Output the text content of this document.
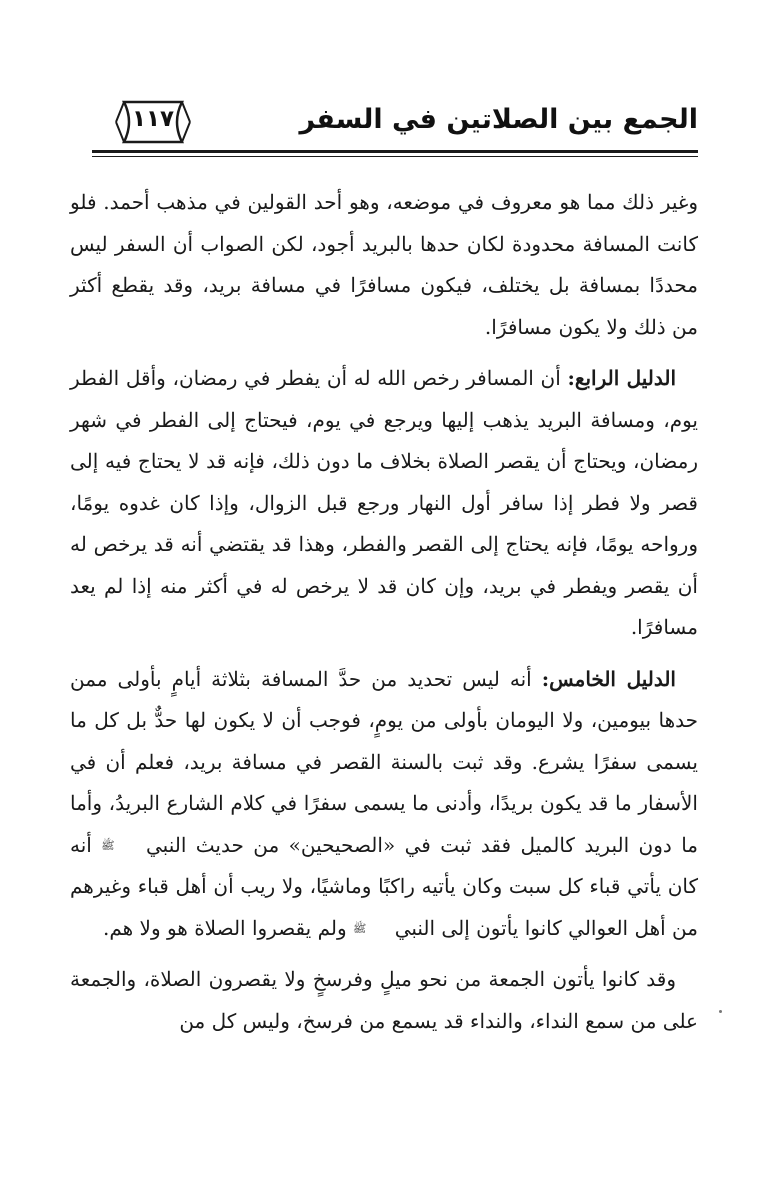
الجمع بين الصلاتين في السفر
١١٧

وغير ذلك مما هو معروف في موضعه، وهو أحد القولين في مذهب أحمد. فلو كانت المسافة محدودة لكان حدها بالبريد أجود، لكن الصواب أن السفر ليس محددًا بمسافة بل يختلف، فيكون مسافرًا في مسافة بريد، وقد يقطع أكثر من ذلك ولا يكون مسافرًا.

الدليل الرابع: أن المسافر رخص الله له أن يفطر في رمضان، وأقل الفطر يوم، ومسافة البريد يذهب إليها ويرجع في يوم، فيحتاج إلى الفطر في شهر رمضان، ويحتاج أن يقصر الصلاة بخلاف ما دون ذلك، فإنه قد لا يحتاج فيه إلى قصر ولا فطر إذا سافر أول النهار ورجع قبل الزوال، وإذا كان غدوه يومًا، ورواحه يومًا، فإنه يحتاج إلى القصر والفطر، وهذا قد يقتضي أنه قد يرخص له أن يقصر ويفطر في بريد، وإن كان قد لا يرخص له في أكثر منه إذا لم يعد مسافرًا.

الدليل الخامس: أنه ليس تحديد من حدَّ المسافة بثلاثة أيامٍ بأولى ممن حدها بيومين، ولا اليومان بأولى من يومٍ، فوجب أن لا يكون لها حدٌّ بل كل ما يسمى سفرًا يشرع. وقد ثبت بالسنة القصر في مسافة بريد، فعلم أن في الأسفار ما قد يكون بريدًا، وأدنى ما يسمى سفرًا في كلام الشارع البريدُ، وأما ما دون البريد كالميل فقد ثبت في «الصحيحين» من حديث النبي ﷺ أنه كان يأتي قباء كل سبت وكان يأتيه راكبًا وماشيًا، ولا ريب أن أهل قباء وغيرهم من أهل العوالي كانوا يأتون إلى النبي ﷺ ولم يقصروا الصلاة هو ولا هم.

وقد كانوا يأتون الجمعة من نحو ميلٍ وفرسخٍ ولا يقصرون الصلاة، والجمعة على من سمع النداء، والنداء قد يسمع من فرسخ، وليس كل من
